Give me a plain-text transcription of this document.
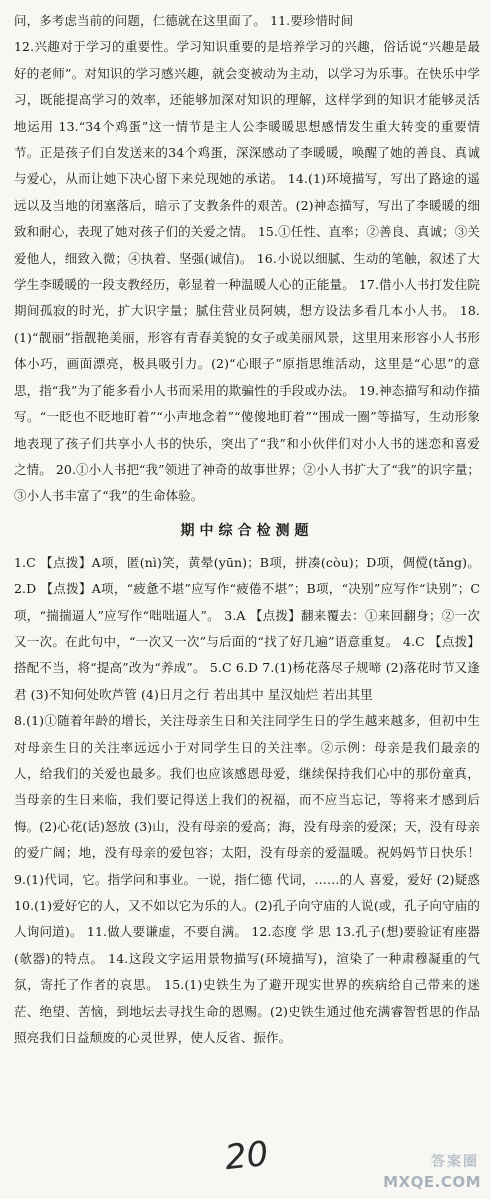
问，多考虑当前的问题，仁德就在这里面了。 11.要珍惜时间

12.兴趣对于学习的重要性。学习知识重要的是培养学习的兴趣，俗话说“兴趣是最好的老师”。对知识的学习感兴趣，就会变被动为主动，以学习为乐事。在快乐中学习，既能提高学习的效率，还能够加深对知识的理解，这样学到的知识才能够灵活地运用 13.“34个鸡蛋”这一情节是主人公李暖暖思想感情发生重大转变的重要情节。正是孩子们自发送来的34个鸡蛋，深深感动了李暖暖，唤醒了她的善良、真诚与爱心，从而让她下决心留下来兑现她的承诺。 14.(1)环境描写，写出了路途的遥远以及当地的闭塞落后，暗示了支教条件的艰苦。(2)神态描写，写出了李暖暖的细致和耐心，表现了她对孩子们的关爱之情。 15.①任性、直率；②善良、真诚；③关爱他人，细致入微；④执着、坚强(诚信)。 16.小说以细腻、生动的笔触，叙述了大学生李暖暖的一段支教经历，彰显着一种温暖人心的正能量。 17.借小人书打发住院期间孤寂的时光，扩大识字量；腻住营业员阿姨，想方设法多看几本小人书。 18.(1)“靓丽”指靓艳美丽，形容有青春美貌的女子或美丽风景，这里用来形容小人书形体小巧，画面漂亮，极具吸引力。(2)“心眼子”原指思维活动，这里是“心思”的意思，指“我”为了能多看小人书而采用的欺骗性的手段或办法。 19.神态描写和动作描写。“一眨也不眨地盯着”“小声地念着”“傻傻地盯着”“围成一圈”等描写，生动形象地表现了孩子们共享小人书的快乐，突出了“我”和小伙伴们对小人书的迷恋和喜爱之情。 20.①小人书把“我”领进了神奇的故事世界；②小人书扩大了“我”的识字量；③小人书丰富了“我”的生命体验。

期中综合检测题

1.C 【点拨】A项，匿(nì)笑，黄晕(yūn)；B项，拼凑(còu)；D项，倜傥(tǎng)。 2.D 【点拨】A项，“疲惫不堪”应写作“疲倦不堪”；B项，“决别”应写作“诀别”；C项，“揣揣逼人”应写作“咄咄逼人”。 3.A 【点拨】翻来覆去：①来回翻身；②一次又一次。在此句中，“一次又一次”与后面的“找了好几遍”语意重复。 4.C 【点拨】搭配不当，将“提高”改为“养成”。 5.C 6.D 7.(1)杨花落尽子规啼 (2)落花时节又逢君 (3)不知何处吹芦管 (4)日月之行 若出其中 星汉灿烂 若出其里

8.(1)①随着年龄的增长，关注母亲生日和关注同学生日的学生越来越多，但初中生对母亲生日的关注率远远小于对同学生日的关注率。②示例：母亲是我们最亲的人，给我们的关爱也最多。我们也应该感恩母爱，继续保持我们心中的那份童真，当母亲的生日来临，我们要记得送上我们的祝福，而不应当忘记，等将来才感到后悔。(2)心花(话)怒放 (3)山，没有母亲的爱高；海，没有母亲的爱深；天，没有母亲的爱广阔；地，没有母亲的爱包容；太阳，没有母亲的爱温暖。祝妈妈节日快乐！ 9.(1)代词，它。指学问和事业。一说，指仁德 代词，……的人 喜爱，爱好 (2)疑惑 10.(1)爱好它的人，又不如以它为乐的人。(2)孔子向守庙的人说(或，孔子向守庙的人询问道)。 11.做人要谦虚，不要自满。 12.态度 学 思 13.孔子(想)要验证宥座器(欹器)的特点。 14.这段文字运用景物描写(环境描写)，渲染了一种肃穆凝重的气氛，寄托了作者的哀思。 15.(1)史铁生为了避开现实世界的疾病给自己带来的迷茫、绝望、苦恼，到地坛去寻找生命的恩赐。(2)史铁生通过他充满睿智哲思的作品照亮我们日益颓废的心灵世界，使人反省、振作。

20	答案圈
MXQE.COM
